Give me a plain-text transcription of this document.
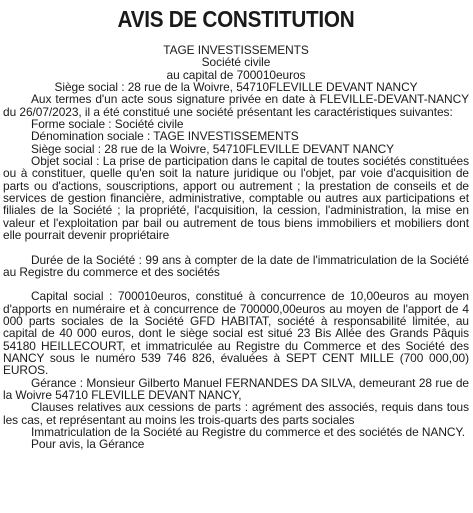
AVIS DE CONSTITUTION

TAGE INVESTISSEMENTS

Société civile

au capital de 700010euros

Siège social : 28 rue de la Woivre, 54710FLEVILLE DEVANT NANCY

Aux termes d'un acte sous signature privée en date à FLEVILLE-DEVANT-NANCY du 26/07/2023, il a été constitué une société présentant les caractéristiques suivantes:

Forme sociale : Société civile

Dénomination sociale : TAGE INVESTISSEMENTS

Siège social : 28 rue de la Woivre, 54710FLEVILLE DEVANT NANCY

Objet social : La prise de participation dans le capital de toutes sociétés constituées ou à constituer, quelle qu'en soit la nature juridique ou l'objet, par voie d'acquisition de parts ou d'actions, souscriptions, apport ou autrement ; la prestation de conseils et de services de gestion financière, administrative, comptable ou autres aux participations et filiales de la Société ; la propriété, l'acquisition, la cession, l'administration, la mise en valeur et l'exploitation par bail ou autrement de tous biens immobiliers et mobiliers dont elle pourrait devenir propriétaire

Durée de la Société : 99 ans à compter de la date de l'immatriculation de la Société au Registre du commerce et des sociétés

Capital social : 700010euros, constitué à concurrence de 10,00euros au moyen d'apports en numéraire et à concurrence de 700000,00euros au moyen de l'apport de 4 000 parts sociales de la Société GFD HABITAT, société à responsabilité limitée, au capital de 40 000 euros, dont le siège social est situé 23 Bis Allée des Grands Pâquis 54180 HEILLECOURT, et immatriculée au Registre du Commerce et des Société des NANCY sous le numéro 539 746 826, évaluées à SEPT CENT MILLE (700 000,00) EUROS.

Gérance : Monsieur Gilberto Manuel FERNANDES DA SILVA, demeurant 28 rue de la Woivre 54710 FLEVILLE DEVANT NANCY,

Clauses relatives aux cessions de parts : agrément des associés, requis dans tous les cas, et représentant au moins les trois-quarts des parts sociales

Immatriculation de la Société au Registre du commerce et des sociétés de NANCY.

Pour avis, la Gérance
